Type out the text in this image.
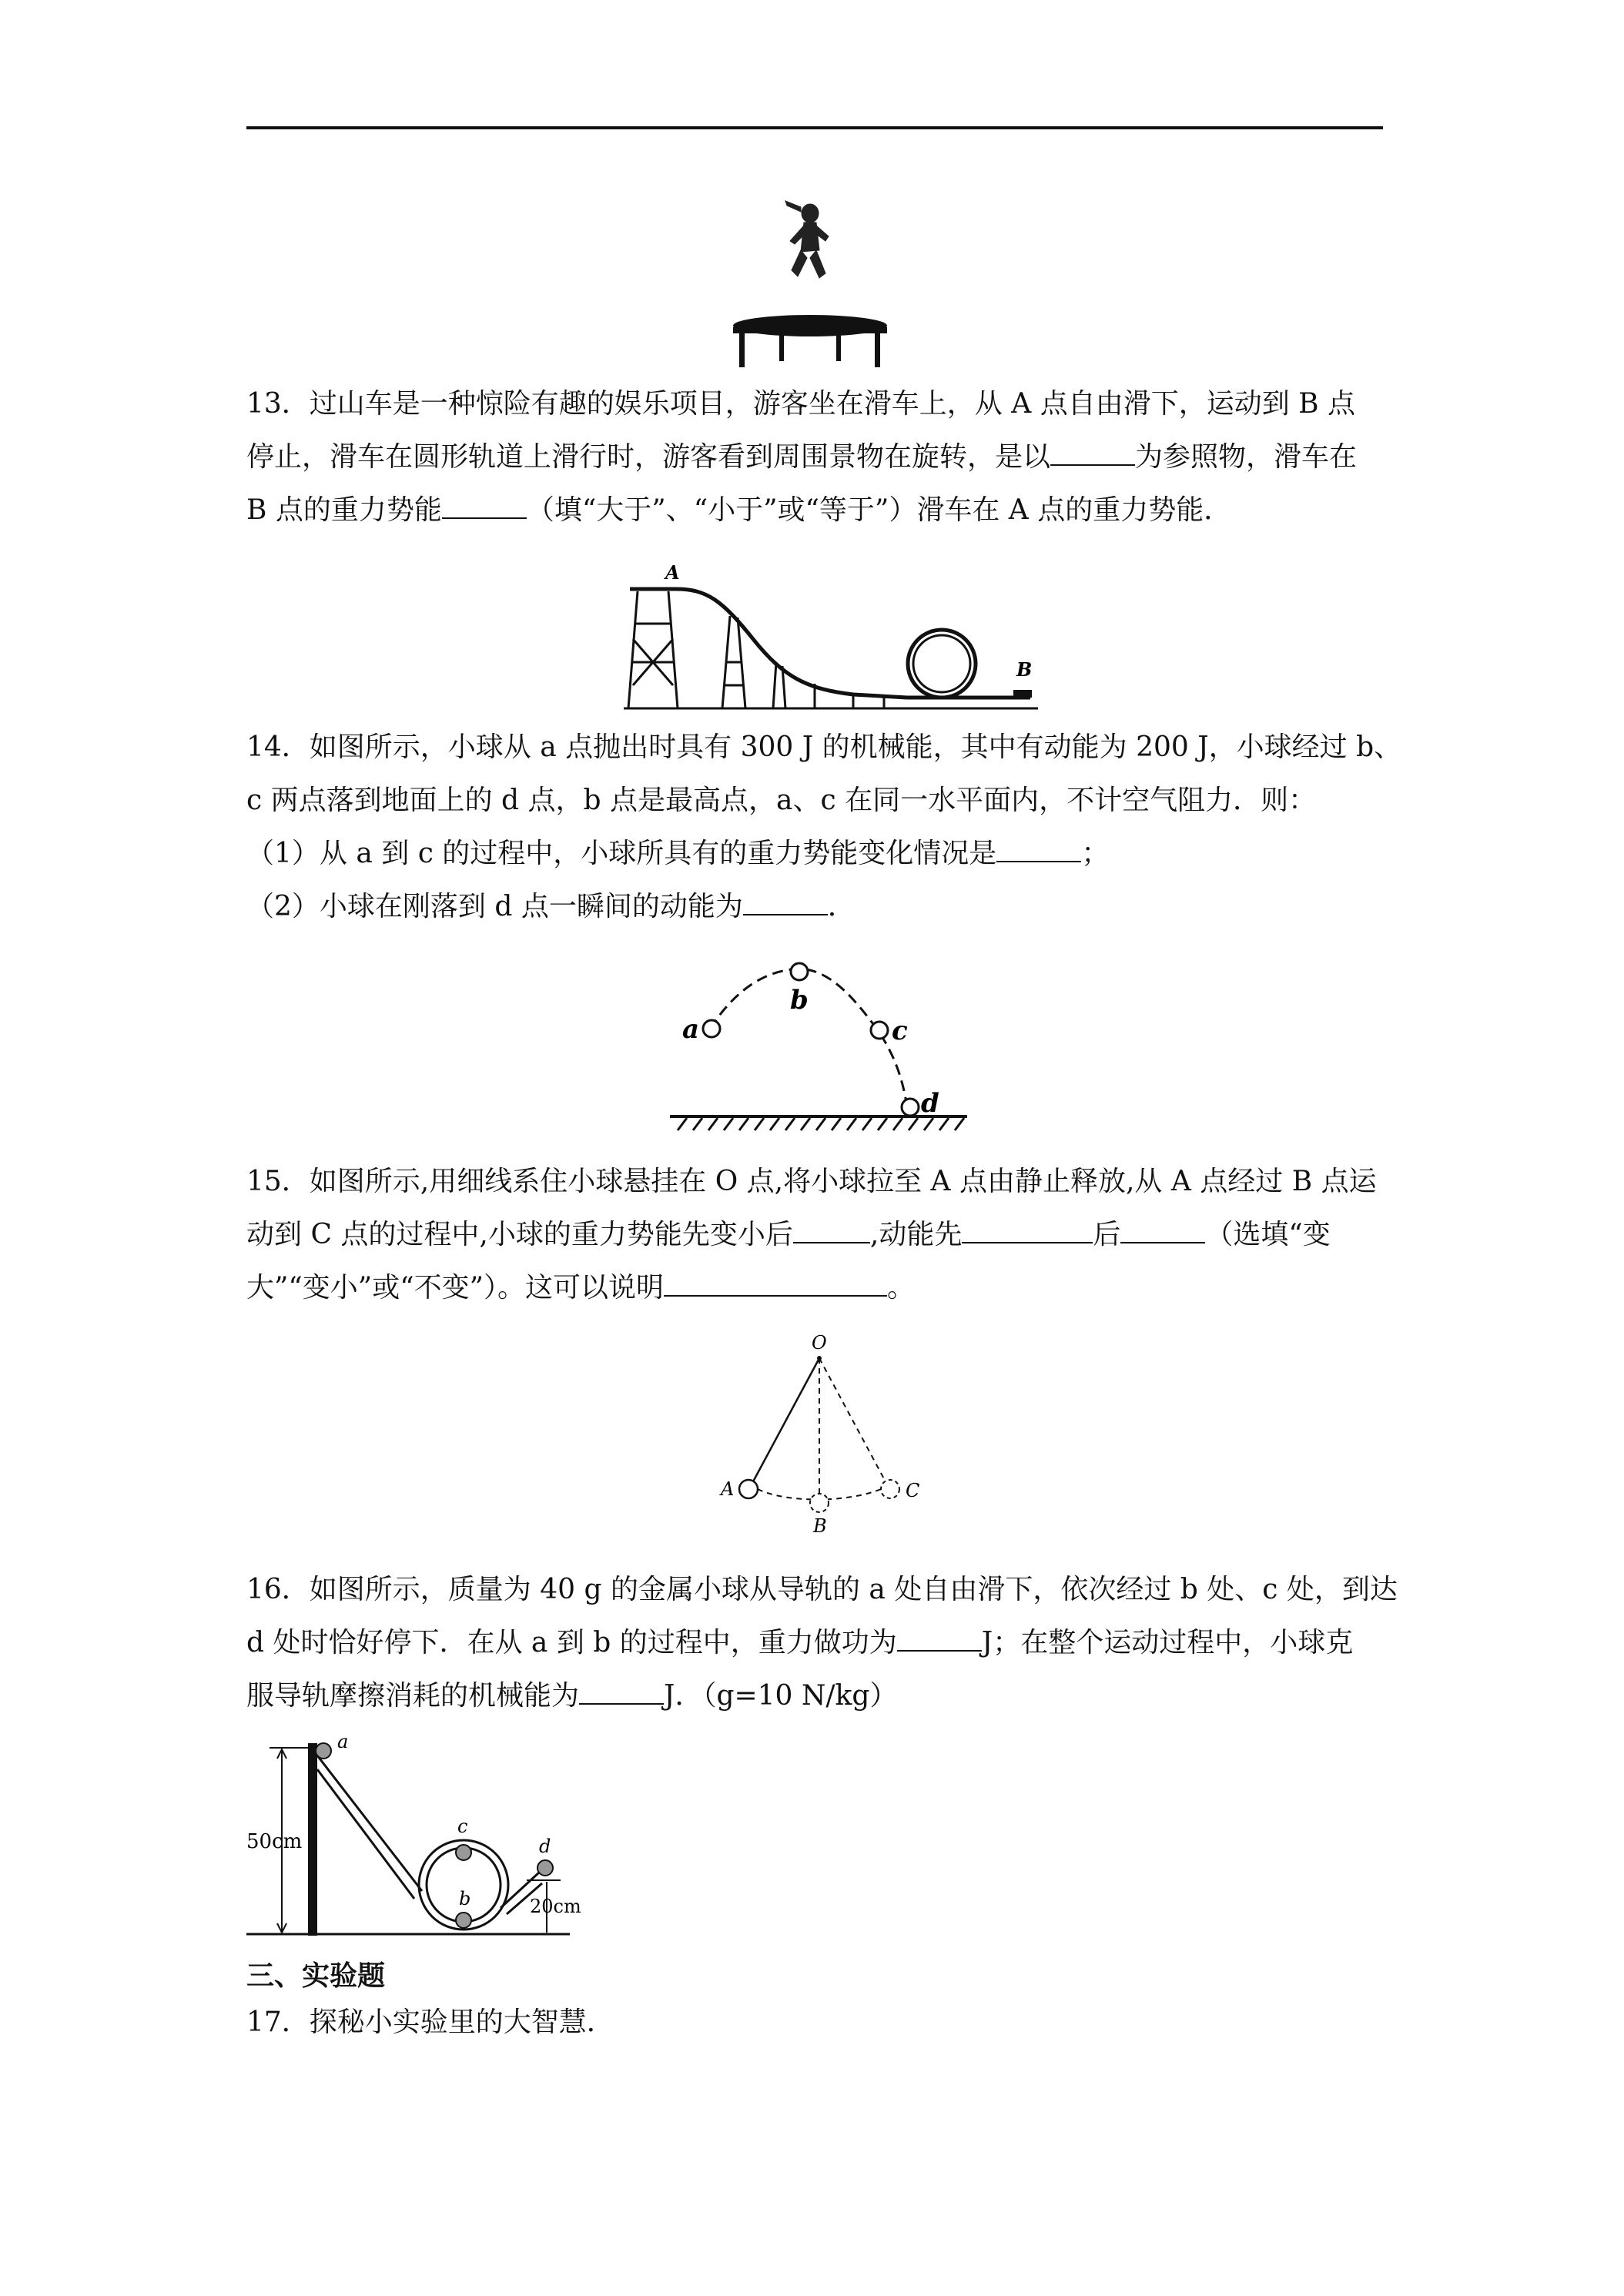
13．过山车是一种惊险有趣的娱乐项目，游客坐在滑车上，从 A 点自由滑下，运动到 B 点

停止，滑车在圆形轨道上滑行时，游客看到周围景物在旋转，是以	为参照物，滑车在

B 点的重力势能	（填“大于”、“小于”或“等于”）滑车在 A 点的重力势能．

A
B

14．如图所示，小球从 a 点抛出时具有 300 J 的机械能，其中有动能为 200 J，小球经过 b、

c 两点落到地面上的 d 点，b 点是最高点，a、c 在同一水平面内，不计空气阻力．则：

（1）从 a 到 c 的过程中，小球所具有的重力势能变化情况是	；

（2）小球在刚落到 d 点一瞬间的动能为	．

a
b
c
d

15．如图所示,用细线系住小球悬挂在 O 点,将小球拉至 A 点由静止释放,从 A 点经过 B 点运

动到 C 点的过程中,小球的重力势能先变小后	,动能先	后	（选填“变

大”“变小”或“不变”）。这可以说明	。

O
A
B
C

16．如图所示，质量为 40 g 的金属小球从导轨的 a 处自由滑下，依次经过 b 处、c 处，到达

d 处时恰好停下．在从 a 到 b 的过程中，重力做功为	J；在整个运动过程中，小球克

服导轨摩擦消耗的机械能为	J．（g=10 N/kg）

a
c
b
d
50cm
20cm
三、实验题
17．探秘小实验里的大智慧．
